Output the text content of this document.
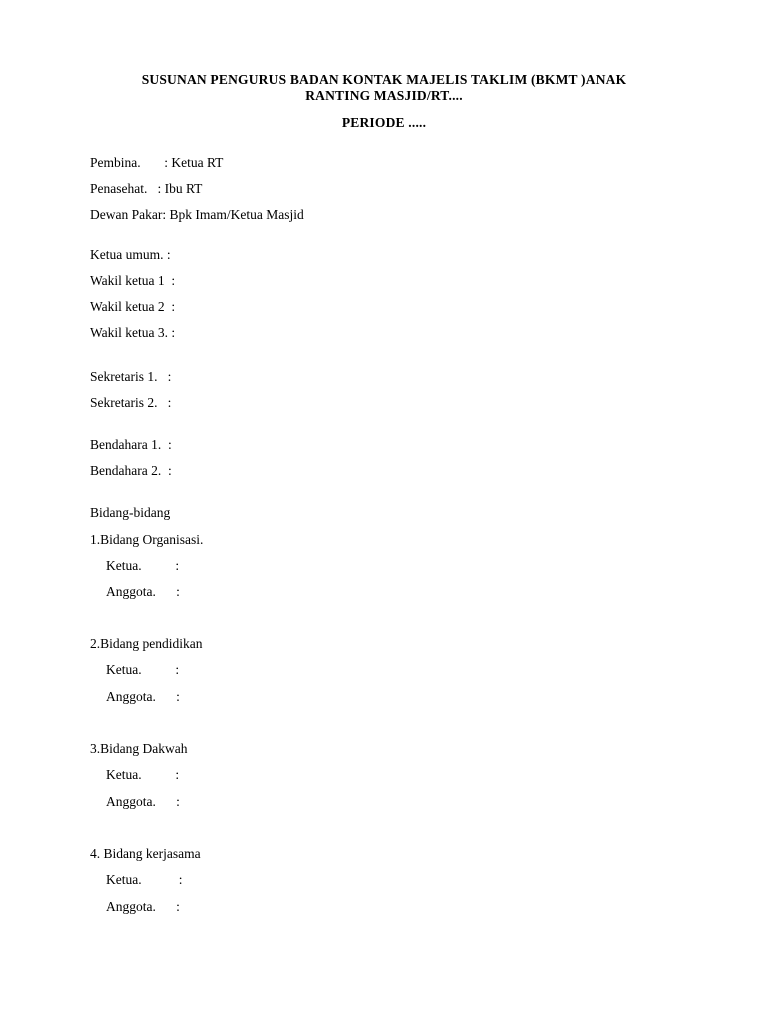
SUSUNAN PENGURUS BADAN KONTAK MAJELIS TAKLIM (BKMT )ANAK
RANTING MASJID/RT....
PERIODE .....
Pembina.       : Ketua RT
Penasehat.   : Ibu RT
Dewan Pakar: Bpk Imam/Ketua Masjid
Ketua umum. :
Wakil ketua 1  :
Wakil ketua 2  :
Wakil ketua 3. :
Sekretaris 1.   :
Sekretaris 2.   :
Bendahara 1.  :
Bendahara 2.  :
Bidang-bidang
1.Bidang Organisasi.
Ketua.          :
Anggota.      :
2.Bidang pendidikan
Ketua.          :
Anggota.      :
3.Bidang Dakwah
Ketua.          :
Anggota.      :
4. Bidang kerjasama
Ketua.           :
Anggota.      :
